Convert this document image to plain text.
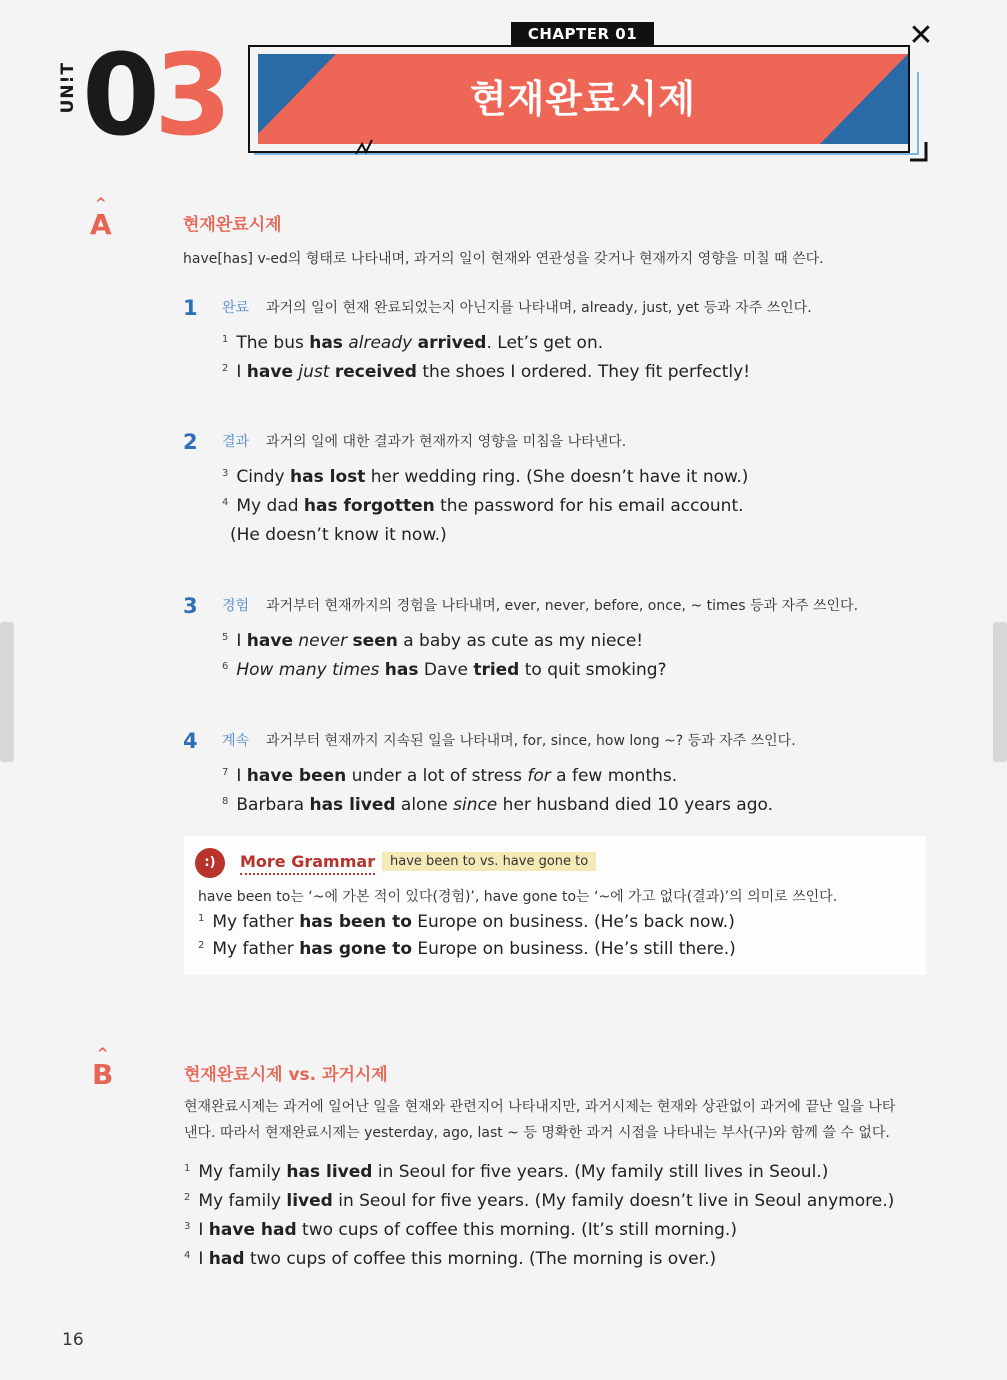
UN!T 03	CHAPTER 01
현재완료시제
✕
^
A	현재완료시제
have[has] v-ed의 형태로 나타내며, 과거의 일이 현재와 연관성을 갖거나 현재까지 영향을 미칠 때 쓴다.
1 완료 과거의 일이 현재 완료되었는지 아닌지를 나타내며, already, just, yet 등과 자주 쓰인다.
$^1$ The bus has already arrived. Let’s get on.
$^2$ I have just received the shoes I ordered. They fit perfectly!
2 결과 과거의 일에 대한 결과가 현재까지 영향을 미침을 나타낸다.
$^3$ Cindy has lost her wedding ring. (She doesn’t have it now.)
$^4$ My dad has forgotten the password for his email account.
(He doesn’t know it now.)
3 경험 과거부터 현재까지의 경험을 나타내며, ever, never, before, once, ~ times 등과 자주 쓰인다.
$^5$ I have never seen a baby as cute as my niece!
$^6$ How many times has Dave tried to quit smoking?
4 계속 과거부터 현재까지 지속된 일을 나타내며, for, since, how long ~? 등과 자주 쓰인다.
$^7$ I have been under a lot of stress for a few months.
$^8$ Barbara has lived alone since her husband died 10 years ago.
:)	More Grammar	have been to vs. have gone to
have been to는 ‘~에 가본 적이 있다(경험)’, have gone to는 ‘~에 가고 없다(결과)’의 의미로 쓰인다.
$^1$ My father has been to Europe on business. (He’s back now.)
$^2$ My father has gone to Europe on business. (He’s still there.)
^
B	현재완료시제 vs. 과거시제
현재완료시제는 과거에 일어난 일을 현재와 관련지어 나타내지만, 과거시제는 현재와 상관없이 과거에 끝난 일을 나타
낸다. 따라서 현재완료시제는 yesterday, ago, last ~ 등 명확한 과거 시점을 나타내는 부사(구)와 함께 쓸 수 없다.
$^1$ My family has lived in Seoul for five years. (My family still lives in Seoul.)
$^2$ My family lived in Seoul for five years. (My family doesn’t live in Seoul anymore.)
$^3$ I have had two cups of coffee this morning. (It’s still morning.)
$^4$ I had two cups of coffee this morning. (The morning is over.)
16
